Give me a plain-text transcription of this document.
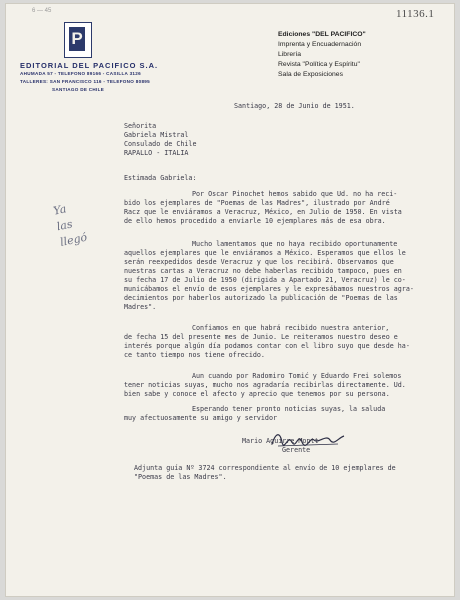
6 — 45	11136.1
P
EDITORIAL DEL PACIFICO S.A.
AHUMADA 57 - TELEFONO 89166 - CASILLA 3126
TALLERES: SAN FRANCISCO 116 - TELEFONO 80895
SANTIAGO DE CHILE
Ediciones "DEL PACIFICO"
Imprenta y Encuadernación
Librería
Revista "Política y Espíritu"
Sala de Exposiciones
Santiago, 28 de Junio de 1951.
Señorita
Gabriela Mistral
Consulado de Chile
RAPALLO - ITALIA
Estimada Gabriela:
Por Oscar Pinochet hemos sabido que Ud. no ha reci-
bido los ejemplares de "Poemas de las Madres", ilustrado por André
Racz que le enviáramos a Veracruz, México, en Julio de 1950. En vista
de ello hemos procedido a enviarle 10 ejemplares más de esa obra.
Mucho lamentamos que no haya recibido oportunamente
aquellos ejemplares que le enviáramos a México. Esperamos que ellos le
serán reexpedidos desde Veracruz y que los recibirá. Observamos que
nuestras cartas a Veracruz no debe haberlas recibido tampoco, pues en
su fecha 17 de Julio de 1950 (dirigida a Apartado 21, Veracruz) le co-
municábamos el envío de esos ejemplares y le expresábamos nuestros agra-
decimientos por haberlos autorizado la publicación de "Poemas de las
Madres".
Confiamos en que habrá recibido nuestra anterior,
de fecha 15 del presente mes de Junio. Le reiteramos nuestro deseo e
interés porque algún día podamos contar con el libro suyo que desde ha-
ce tanto tiempo nos tiene ofrecido.
Aun cuando por Radomiro Tomić y Eduardo Frei solemos
tener noticias suyas, mucho nos agradaría recibirlas directamente. Ud.
bien sabe y conoce el afecto y aprecio que tenemos por su persona.
Esperando tener pronto noticias suyas, la saluda
muy afectuosamente su amigo y servidor
Mario Aguirre Montt
Gerente
Adjunta guía Nº 3724 correspondiente al envío de 10 ejemplares de
"Poemas de las Madres".
Ya
las
llegó
